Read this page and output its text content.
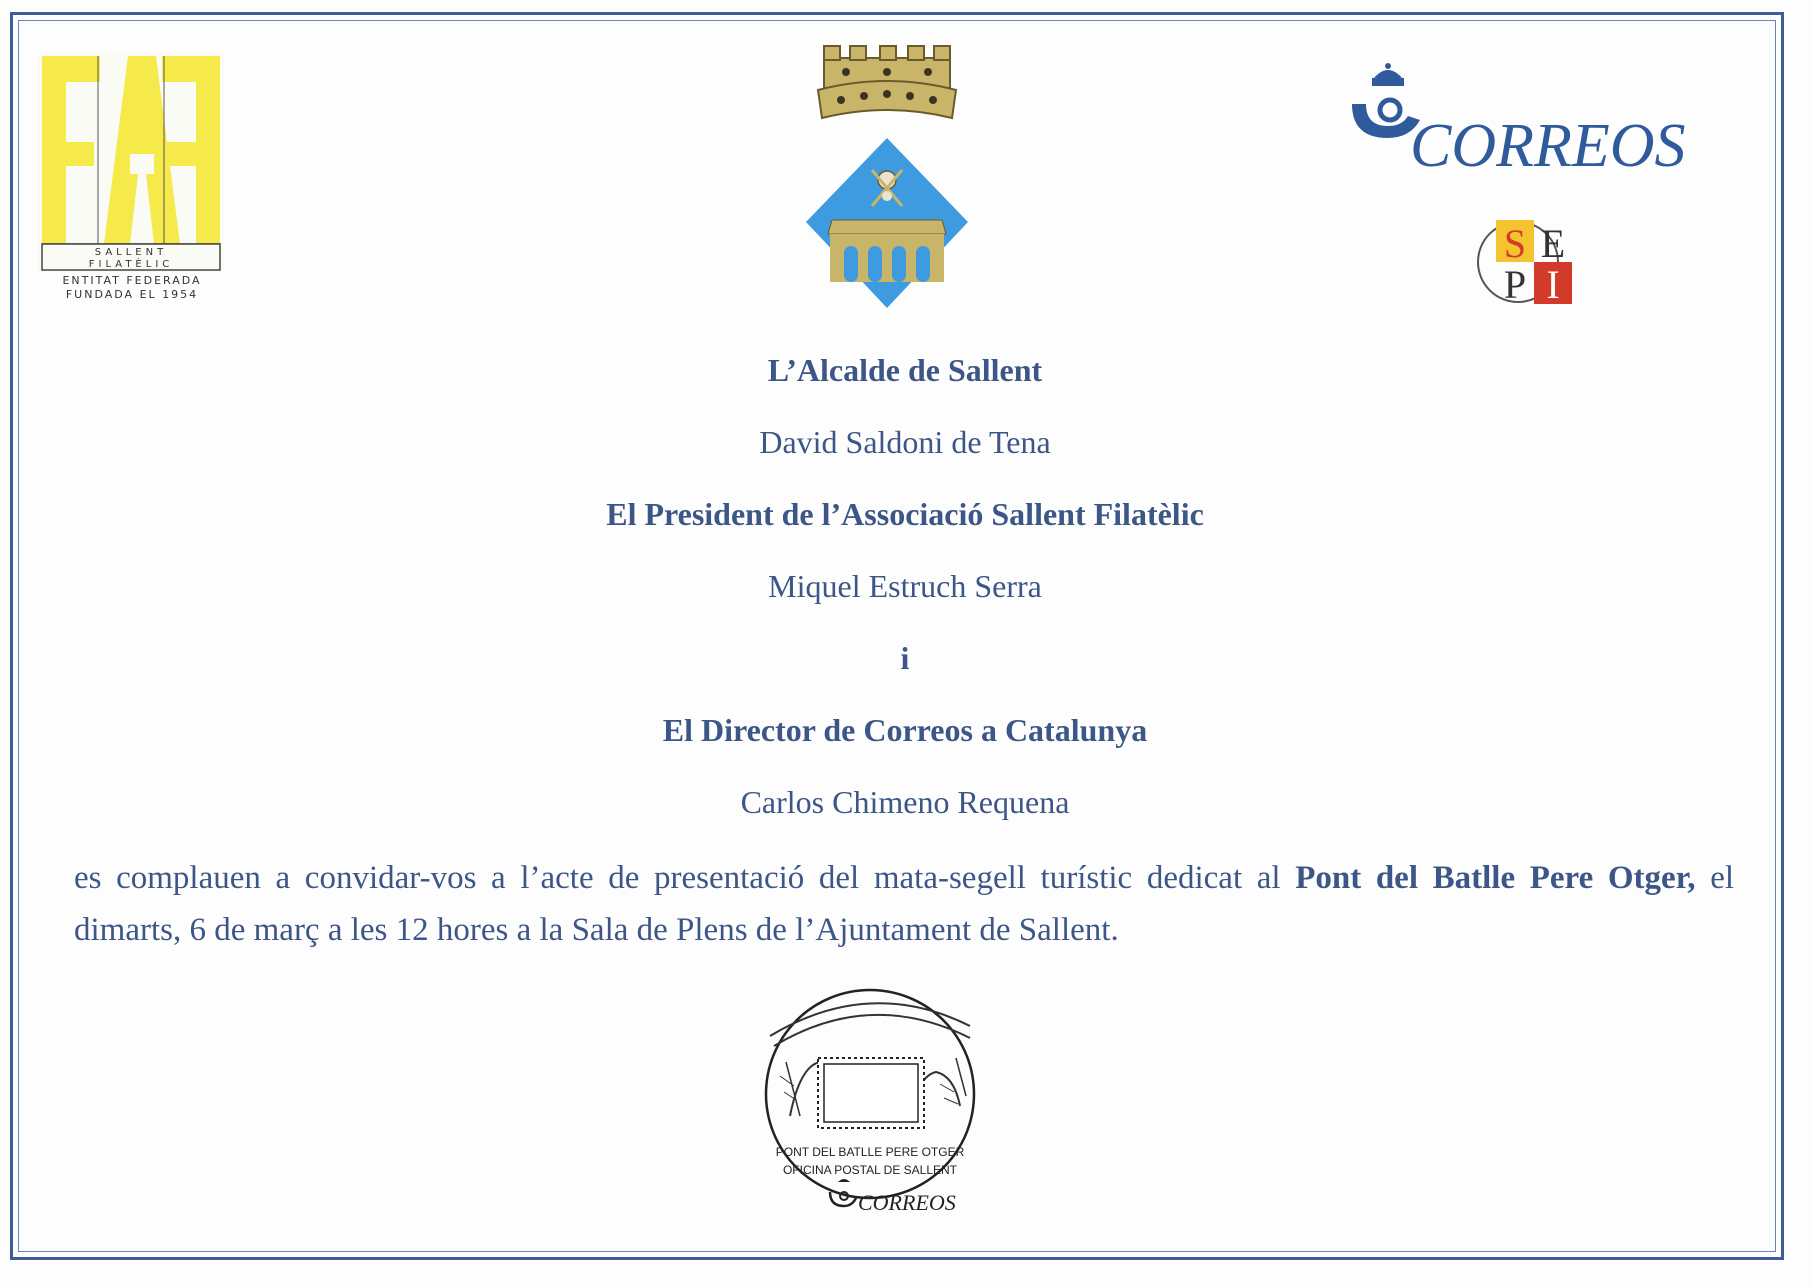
SALLENT
FILATÈLIC
ENTITAT FEDERADA
FUNDADA EL 1954
CORREOS
S E
P I
L’Alcalde de Sallent
David Saldoni de Tena
El President de l’Associació Sallent Filatèlic
Miquel Estruch Serra
i
El Director de Correos a Catalunya
Carlos Chimeno Requena
es complauen a convidar-vos a l’acte de presentació del mata-segell turístic dedicat al Pont del Batlle Pere Otger, el dimarts, 6 de març a les 12 hores a la Sala de Plens de l’Ajuntament de Sallent.
PONT DEL BATLLE PERE OTGER
OFICINA POSTAL DE SALLENT
CORREOS
